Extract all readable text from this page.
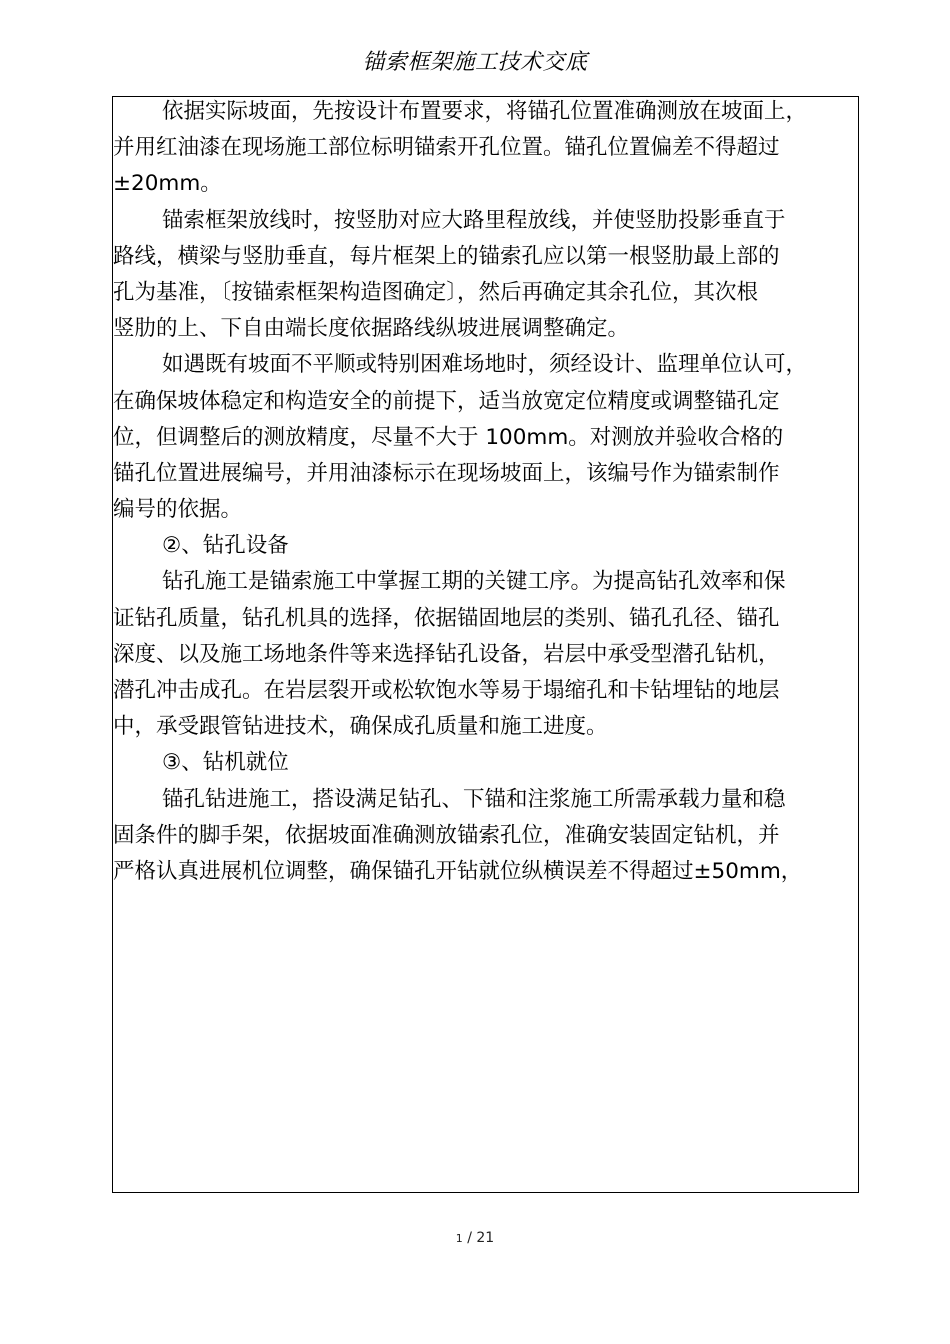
锚索框架施工技术交底
依据实际坡面，先按设计布置要求，将锚孔位置准确测放在坡面上，
并用红油漆在现场施工部位标明锚索开孔位置。锚孔位置偏差不得超过
±20mm。
锚索框架放线时，按竖肋对应大路里程放线，并使竖肋投影垂直于
路线，横梁与竖肋垂直，每片框架上的锚索孔应以第一根竖肋最上部的
孔为基准，〔按锚索框架构造图确定〕，然后再确定其余孔位，其次根
竖肋的上、下自由端长度依据路线纵坡进展调整确定。
如遇既有坡面不平顺或特别困难场地时，须经设计、监理单位认可，
在确保坡体稳定和构造安全的前提下，适当放宽定位精度或调整锚孔定
位，但调整后的测放精度，尽量不大于 100mm。对测放并验收合格的
锚孔位置进展编号，并用油漆标示在现场坡面上，该编号作为锚索制作
编号的依据。
②、钻孔设备
钻孔施工是锚索施工中掌握工期的关键工序。为提高钻孔效率和保
证钻孔质量，钻孔机具的选择，依据锚固地层的类别、锚孔孔径、锚孔
深度、以及施工场地条件等来选择钻孔设备，岩层中承受型潜孔钻机，
潜孔冲击成孔。在岩层裂开或松软饱水等易于塌缩孔和卡钻埋钻的地层
中，承受跟管钻进技术，确保成孔质量和施工进度。
③、钻机就位
锚孔钻进施工，搭设满足钻孔、下锚和注浆施工所需承载力量和稳
固条件的脚手架，依据坡面准确测放锚索孔位，准确安装固定钻机，并
严格认真进展机位调整，确保锚孔开钻就位纵横误差不得超过±50mm，
1 / 21
